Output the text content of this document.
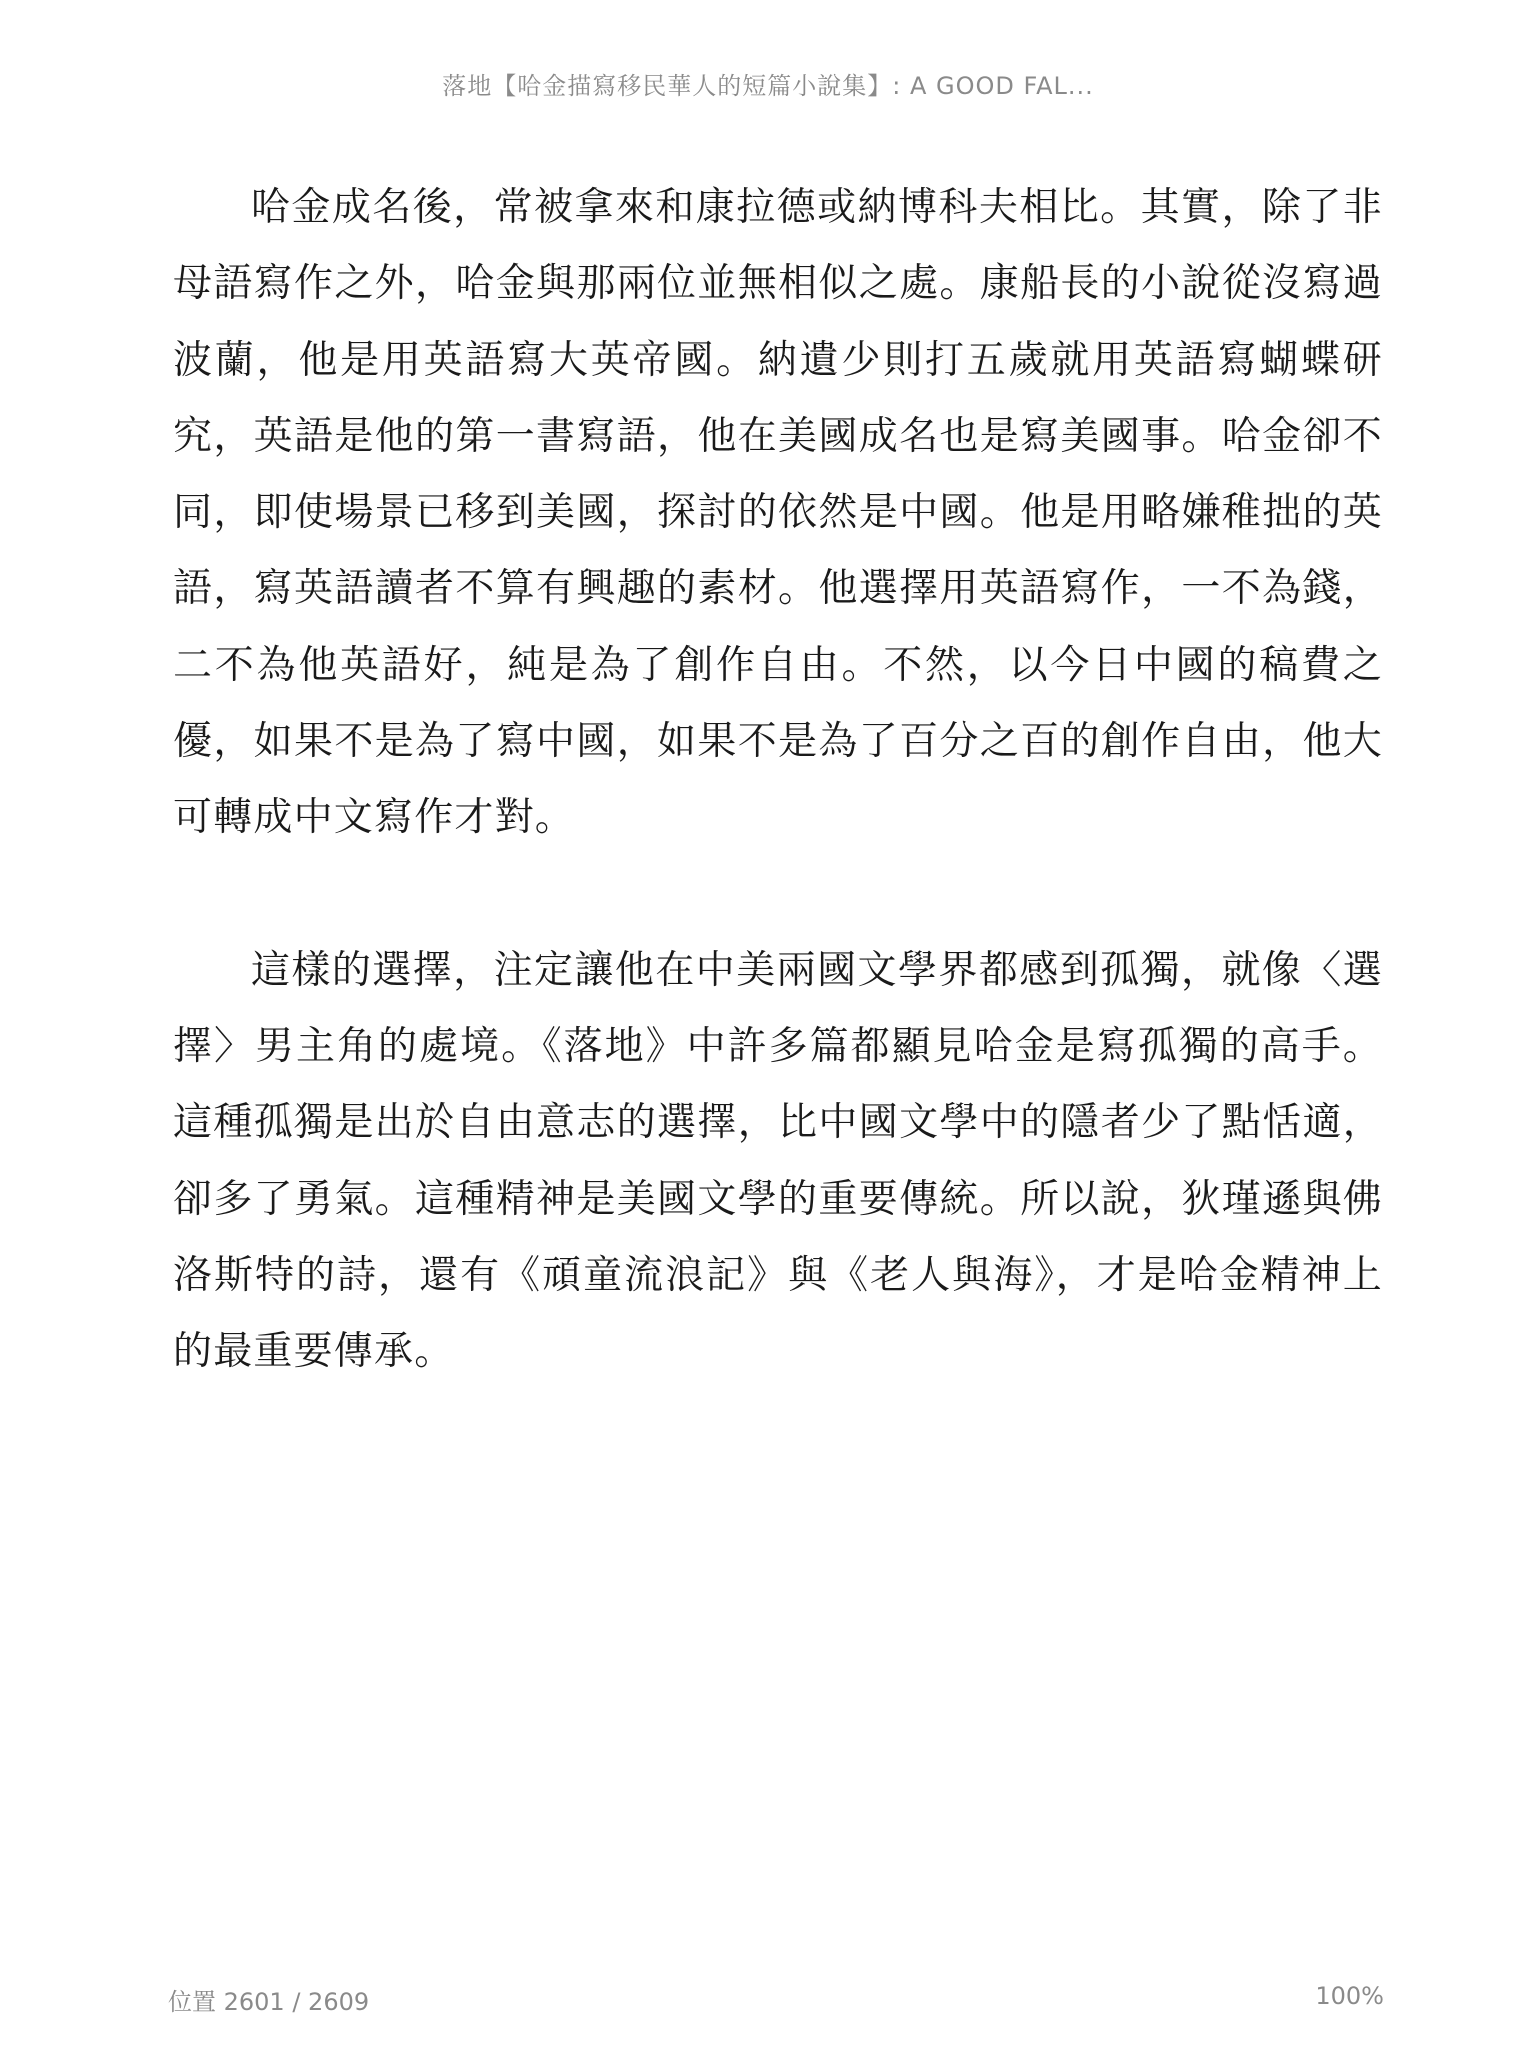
落地【哈金描寫移民華人的短篇小說集】: A GOOD FAL...

哈金成名後，常被拿來和康拉德或納博科夫相比。其實，除了非母語寫作之外，哈金與那兩位並無相似之處。康船長的小說從沒寫過波蘭，他是用英語寫大英帝國。納遺少則打五歲就用英語寫蝴蝶研究，英語是他的第一書寫語，他在美國成名也是寫美國事。哈金卻不同，即使場景已移到美國，探討的依然是中國。他是用略嫌稚拙的英語，寫英語讀者不算有興趣的素材。他選擇用英語寫作，一不為錢，二不為他英語好，純是為了創作自由。不然，以今日中國的稿費之優，如果不是為了寫中國，如果不是為了百分之百的創作自由，他大可轉成中文寫作才對。

這樣的選擇，注定讓他在中美兩國文學界都感到孤獨，就像〈選擇〉男主角的處境。《落地》中許多篇都顯見哈金是寫孤獨的高手。這種孤獨是出於自由意志的選擇，比中國文學中的隱者少了點恬適，卻多了勇氣。這種精神是美國文學的重要傳統。所以說，狄瑾遜與佛洛斯特的詩，還有《頑童流浪記》與《老人與海》，才是哈金精神上的最重要傳承。

位置 2601 / 2609	100%
